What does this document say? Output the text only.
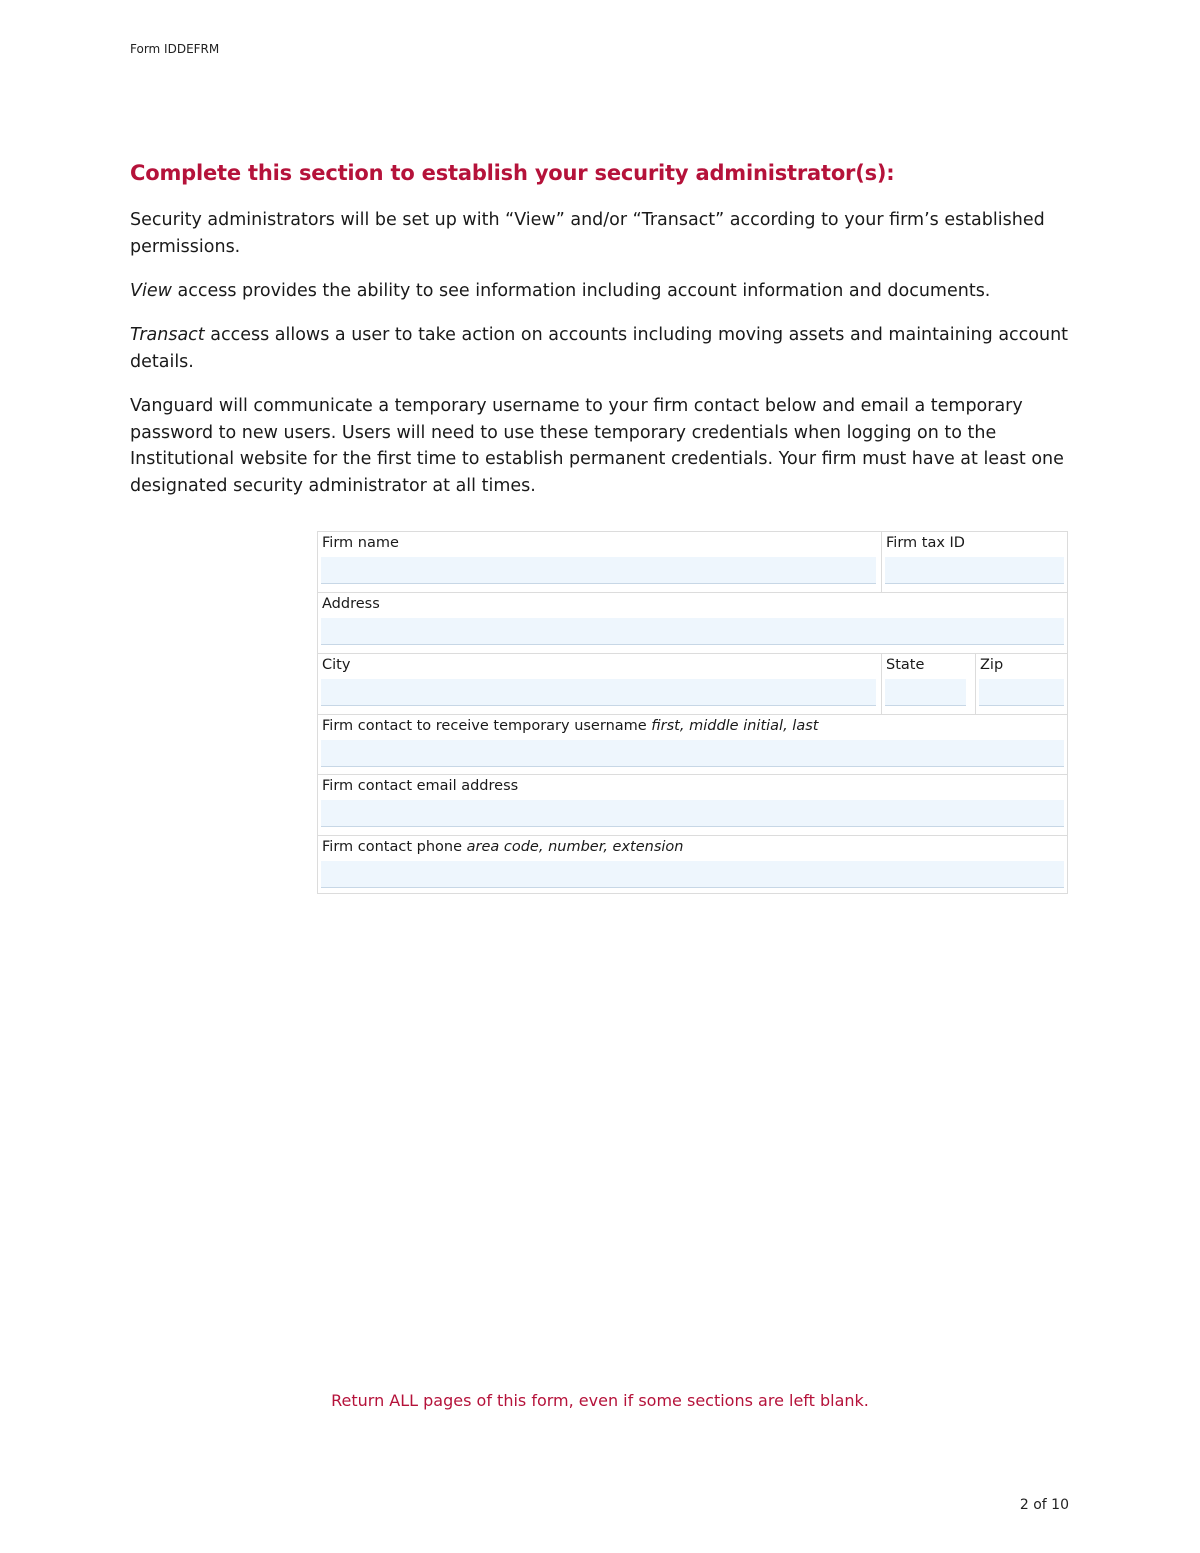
Form IDDEFRM
Complete this section to establish your security administrator(s):

Security administrators will be set up with “View” and/or “Transact” according to your firm’s established permissions.

View access provides the ability to see information including account information and documents.

Transact access allows a user to take action on accounts including moving assets and maintaining account details.

Vanguard will communicate a temporary username to your firm contact below and email a temporary password to new users. Users will need to use these temporary credentials when logging on to the Institutional website for the first time to establish permanent credentials. Your firm must have at least one designated security administrator at all times.

Firm name	Firm tax ID
Address
City	State	Zip
Firm contact to receive temporary username first, middle initial, last
Firm contact email address
Firm contact phone area code, number, extension
Return ALL pages of this form, even if some sections are left blank.
2 of 10
